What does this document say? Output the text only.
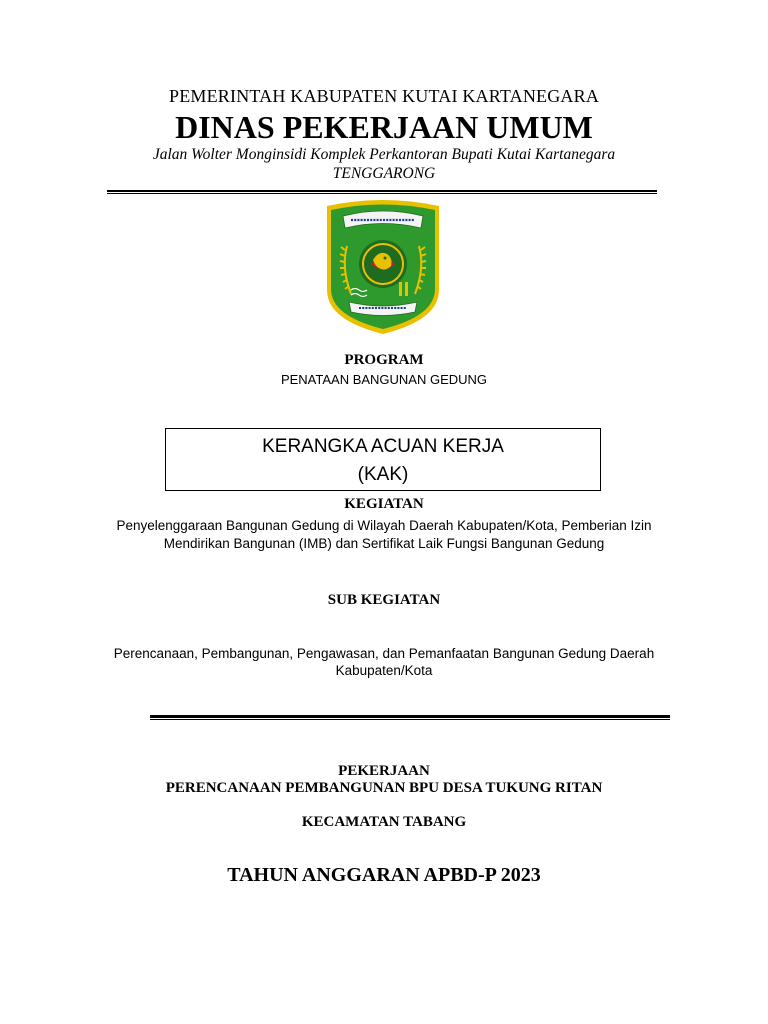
PEMERINTAH KABUPATEN KUTAI KARTANEGARA
DINAS PEKERJAAN UMUM
Jalan Wolter Monginsidi Komplek Perkantoran Bupati Kutai Kartanegara
TENGGARONG
PROGRAM
PENATAAN BANGUNAN GEDUNG
KERANGKA ACUAN KERJA
(KAK)
KEGIATAN
Penyelenggaraan Bangunan Gedung di Wilayah Daerah Kabupaten/Kota, Pemberian Izin
Mendirikan Bangunan (IMB) dan Sertifikat Laik Fungsi Bangunan Gedung
SUB KEGIATAN
Perencanaan, Pembangunan, Pengawasan, dan Pemanfaatan Bangunan Gedung Daerah
Kabupaten/Kota
PEKERJAAN
PERENCANAAN PEMBANGUNAN BPU DESA TUKUNG RITAN
KECAMATAN TABANG
TAHUN ANGGARAN APBD-P 2023
